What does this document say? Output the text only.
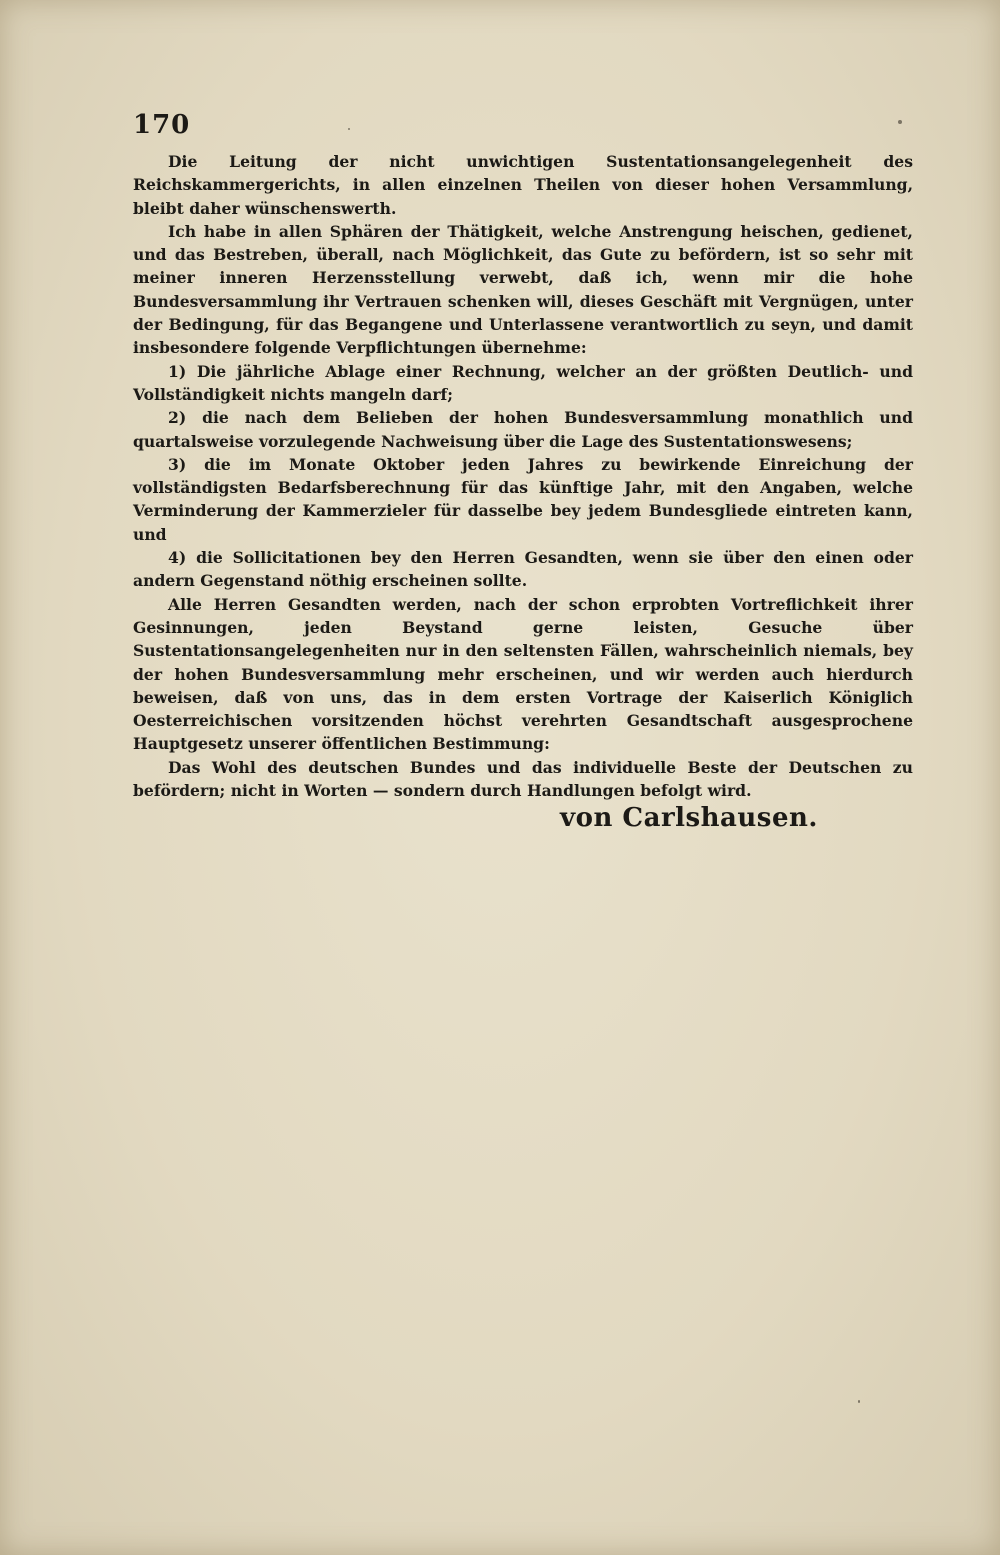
170

Die Leitung der nicht unwichtigen Sustentationsangelegenheit des Reichskammergerichts, in allen einzelnen Theilen von dieser hohen Versammlung, bleibt daher wünschenswerth.

Ich habe in allen Sphären der Thätigkeit, welche Anstrengung heischen, gedienet, und das Bestreben, überall, nach Möglichkeit, das Gute zu befördern, ist so sehr mit meiner inneren Herzensstellung verwebt, daß ich, wenn mir die hohe Bundesversammlung ihr Vertrauen schenken will, dieses Geschäft mit Vergnügen, unter der Bedingung, für das Begangene und Unterlassene verantwortlich zu seyn, und damit insbesondere folgende Verpflichtungen übernehme:

1) Die jährliche Ablage einer Rechnung, welcher an der größten Deutlich- und Vollständigkeit nichts mangeln darf;

2) die nach dem Belieben der hohen Bundesversammlung monathlich und quartalsweise vorzulegende Nachweisung über die Lage des Sustentationswesens;

3) die im Monate Oktober jeden Jahres zu bewirkende Einreichung der vollständigsten Bedarfsberechnung für das künftige Jahr, mit den Angaben, welche Verminderung der Kammerzieler für dasselbe bey jedem Bundesgliede eintreten kann, und

4) die Sollicitationen bey den Herren Gesandten, wenn sie über den einen oder andern Gegenstand nöthig erscheinen sollte.

Alle Herren Gesandten werden, nach der schon erprobten Vortreflichkeit ihrer Gesinnungen, jeden Beystand gerne leisten, Gesuche über Sustentationsangelegenheiten nur in den seltensten Fällen, wahrscheinlich niemals, bey der hohen Bundesversammlung mehr erscheinen, und wir werden auch hierdurch beweisen, daß von uns, das in dem ersten Vortrage der Kaiserlich Königlich Oesterreichischen vorsitzenden höchst verehrten Gesandtschaft ausgesprochene Hauptgesetz unserer öffentlichen Bestimmung:

Das Wohl des deutschen Bundes und das individuelle Beste der Deutschen zu befördern; nicht in Worten — sondern durch Handlungen befolgt wird.

von Carlshausen.
